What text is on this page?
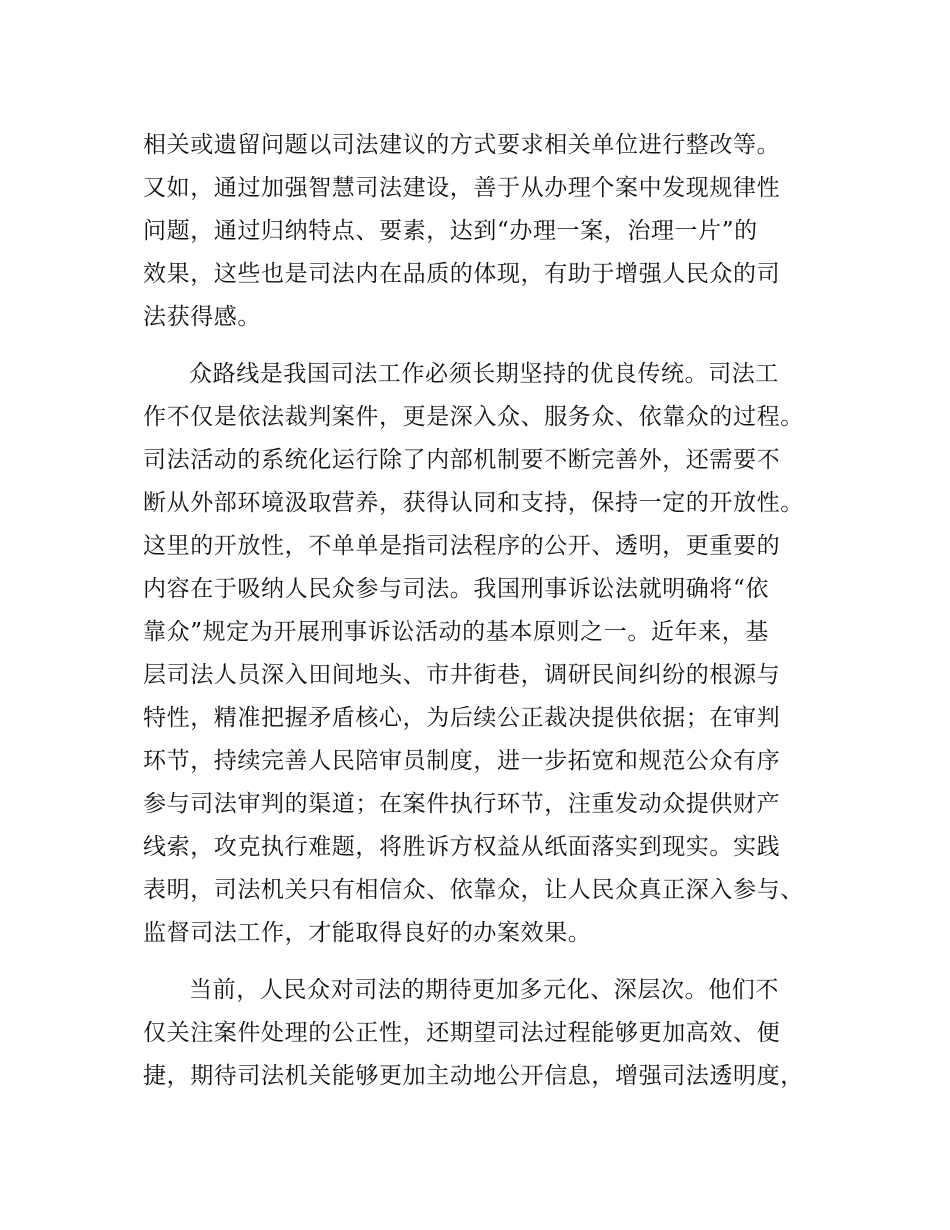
相关或遗留问题以司法建议的方式要求相关单位进行整改等。
又如，通过加强智慧司法建设，善于从办理个案中发现规律性
问题，通过归纳特点、要素，达到“办理一案，治理一片”的
效果，这些也是司法内在品质的体现，有助于增强人民众的司
法获得感。
众路线是我国司法工作必须长期坚持的优良传统。司法工
作不仅是依法裁判案件，更是深入众、服务众、依靠众的过程。
司法活动的系统化运行除了内部机制要不断完善外，还需要不
断从外部环境汲取营养，获得认同和支持，保持一定的开放性。
这里的开放性，不单单是指司法程序的公开、透明，更重要的
内容在于吸纳人民众参与司法。我国刑事诉讼法就明确将“依
靠众”规定为开展刑事诉讼活动的基本原则之一。近年来，基
层司法人员深入田间地头、市井街巷，调研民间纠纷的根源与
特性，精准把握矛盾核心，为后续公正裁决提供依据；在审判
环节，持续完善人民陪审员制度，进一步拓宽和规范公众有序
参与司法审判的渠道；在案件执行环节，注重发动众提供财产
线索，攻克执行难题，将胜诉方权益从纸面落实到现实。实践
表明，司法机关只有相信众、依靠众，让人民众真正深入参与、
监督司法工作，才能取得良好的办案效果。
当前，人民众对司法的期待更加多元化、深层次。他们不
仅关注案件处理的公正性，还期望司法过程能够更加高效、便
捷，期待司法机关能够更加主动地公开信息，增强司法透明度，
